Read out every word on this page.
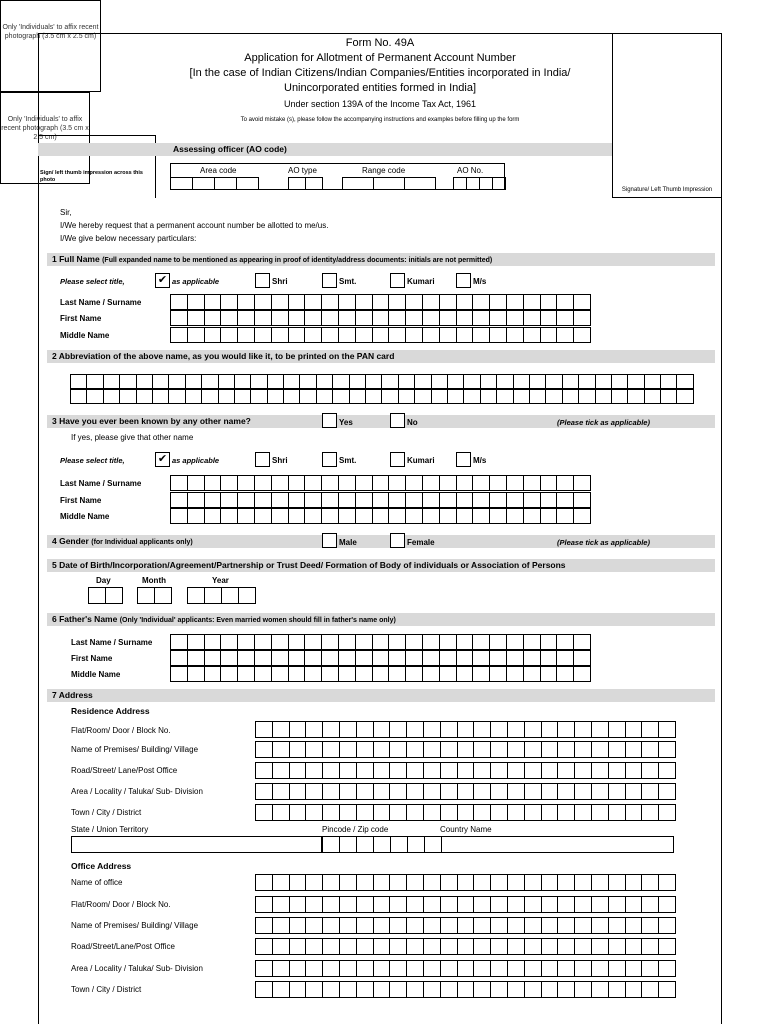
Only 'Individuals' to affix recent photograph (3.5 cm x 2.5 cm)
Only 'Individuals' to affix recent photograph (3.5 cm x 2.5 cm)
Sign/ left thumb impression across this photo
Signature/ Left Thumb Impression
Form No. 49A
Application for Allotment of Permanent Account Number
[In the case of Indian Citizens/Indian Companies/Entities incorporated in India/
Unincorporated entities formed in India]
Under section 139A of the Income Tax Act, 1961
To avoid mistake (s), please follow the accompanying instructions and examples before filling up the form
Assessing officer (AO code)
Area code	AO type	Range code	AO No.
Sir,
I/We hereby request that a permanent account number be allotted to me/us.
I/We give below necessary particulars:
1 Full Name (Full expanded name to be mentioned as appearing in proof of identity/address documents: initials are not permitted)
Please select title,	✔ as applicable	Shri	Smt.	Kumari	M/s
Last Name / Surname
First Name
Middle Name
2 Abbreviation of the above name, as you would like it, to be printed on the PAN card
3 Have you ever been known by any other name?	Yes	No	(Please tick as applicable)
If yes, please give that other name
Please select title,	✔ as applicable	Shri	Smt.	Kumari	M/s
Last Name / Surname
First Name
Middle Name
4 Gender (for Individual applicants only)	Male	Female	(Please tick as applicable)
5 Date of Birth/Incorporation/Agreement/Partnership or Trust Deed/ Formation of Body of individuals or Association of Persons
Day	Month	Year
6 Father's Name (Only 'Individual' applicants: Even married women should fill in father's name only)
Last Name / Surname
First Name
Middle Name
7 Address
Residence Address
Flat/Room/ Door / Block No.
Name of Premises/ Building/ Village
Road/Street/ Lane/Post Office
Area / Locality / Taluka/ Sub- Division
Town / City / District
State / Union Territory	Pincode / Zip code	Country Name
Office Address
Name of office
Flat/Room/ Door / Block No.
Name of Premises/ Building/ Village
Road/Street/Lane/Post Office
Area / Locality / Taluka/ Sub- Division
Town / City / District
